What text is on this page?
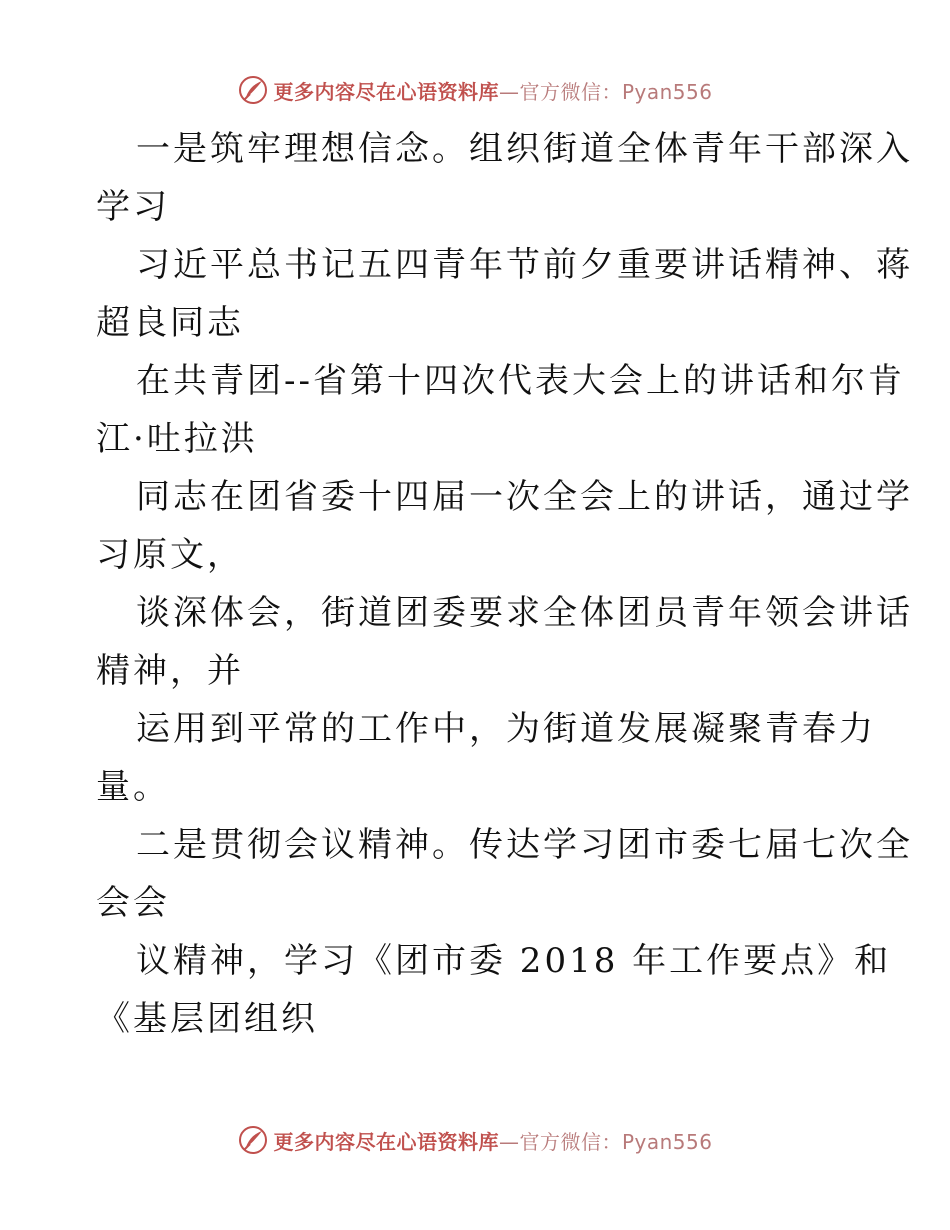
更多内容尽在心语资料库—官方微信：Pyan556
一是筑牢理想信念。组织街道全体青年干部深入
学习
习近平总书记五四青年节前夕重要讲话精神、蒋
超良同志
在共青团--省第十四次代表大会上的讲话和尔肯
江·吐拉洪
同志在团省委十四届一次全会上的讲话，通过学
习原文，
谈深体会，街道团委要求全体团员青年领会讲话
精神，并
运用到平常的工作中，为街道发展凝聚青春力
量。
二是贯彻会议精神。传达学习团市委七届七次全
会会
议精神，学习《团市委 2018 年工作要点》和
《基层团组织
更多内容尽在心语资料库—官方微信：Pyan556
